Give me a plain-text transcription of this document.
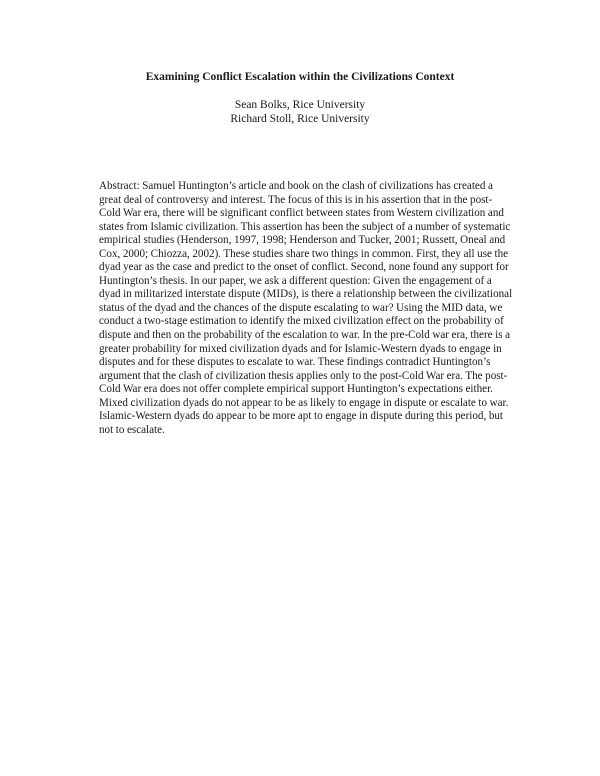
Examining Conflict Escalation within the Civilizations Context
Sean Bolks, Rice University
Richard Stoll, Rice University

Abstract: Samuel Huntington’s article and book on the clash of civilizations has created a great deal of controversy and interest. The focus of this is in his assertion that in the post-Cold War era, there will be significant conflict between states from Western civilization and states from Islamic civilization. This assertion has been the subject of a number of systematic empirical studies (Henderson, 1997, 1998; Henderson and Tucker, 2001; Russett, Oneal and Cox, 2000; Chiozza, 2002). These studies share two things in common. First, they all use the dyad year as the case and predict to the onset of conflict. Second, none found any support for Huntington’s thesis. In our paper, we ask a different question: Given the engagement of a dyad in militarized interstate dispute (MIDs), is there a relationship between the civilizational status of the dyad and the chances of the dispute escalating to war? Using the MID data, we conduct a two-stage estimation to identify the mixed civilization effect on the probability of dispute and then on the probability of the escalation to war. In the pre-Cold war era, there is a greater probability for mixed civilization dyads and for Islamic-Western dyads to engage in disputes and for these disputes to escalate to war. These findings contradict Huntington’s argument that the clash of civilization thesis applies only to the post-Cold War era. The post-Cold War era does not offer complete empirical support Huntington’s expectations either. Mixed civilization dyads do not appear to be as likely to engage in dispute or escalate to war. Islamic-Western dyads do appear to be more apt to engage in dispute during this period, but not to escalate.
